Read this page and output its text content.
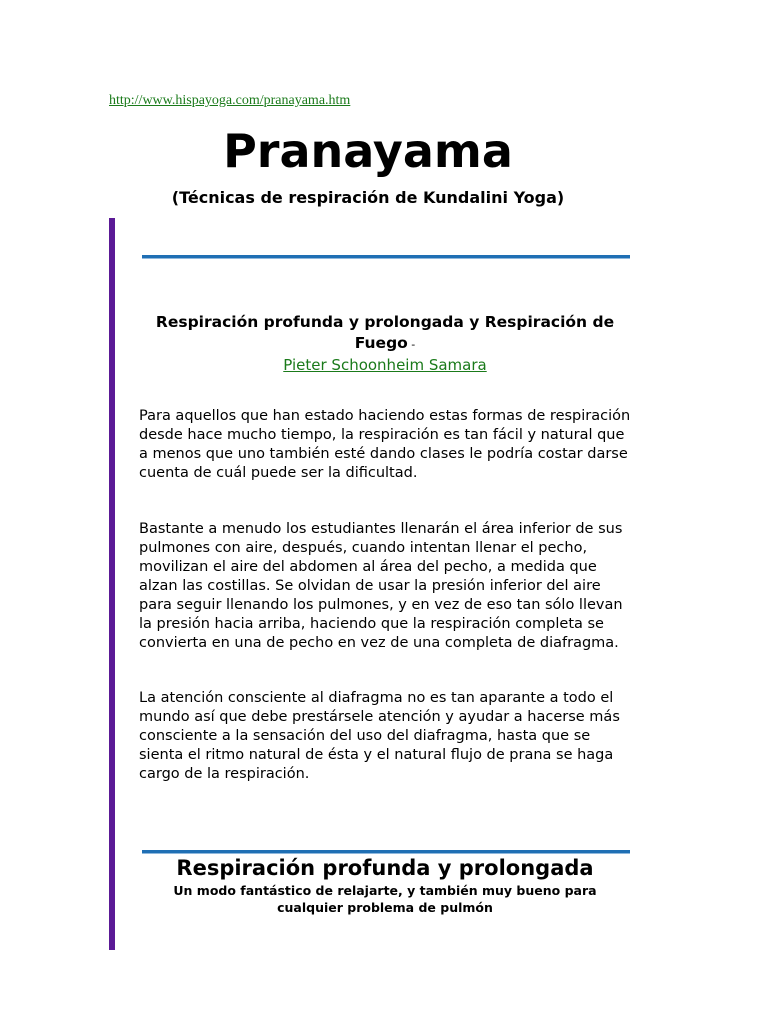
http://www.hispayoga.com/pranayama.htm
Pranayama
(Técnicas de respiración de Kundalini Yoga)
Respiración profunda y prolongada y Respiración de Fuego -
Pieter Schoonheim Samara

Para aquellos que han estado haciendo estas formas de respiración desde hace mucho tiempo, la respiración es tan fácil y natural que a menos que uno también esté dando clases le podría costar darse cuenta de cuál puede ser la dificultad.

Bastante a menudo los estudiantes llenarán el área inferior de sus pulmones con aire, después, cuando intentan llenar el pecho, movilizan el aire del abdomen al área del pecho, a medida que alzan las costillas. Se olvidan de usar la presión inferior del aire para seguir llenando los pulmones, y en vez de eso tan sólo llevan la presión hacia arriba, haciendo que la respiración completa se convierta en una de pecho en vez de una completa de diafragma.

La atención consciente al diafragma no es tan aparante a todo el mundo así que debe prestársele atención y ayudar a hacerse más consciente a la sensación del uso del diafragma, hasta que se sienta el ritmo natural de ésta y el natural flujo de prana se haga cargo de la respiración.

Respiración profunda y prolongada
Un modo fantástico de relajarte, y también muy bueno para cualquier problema de pulmón
